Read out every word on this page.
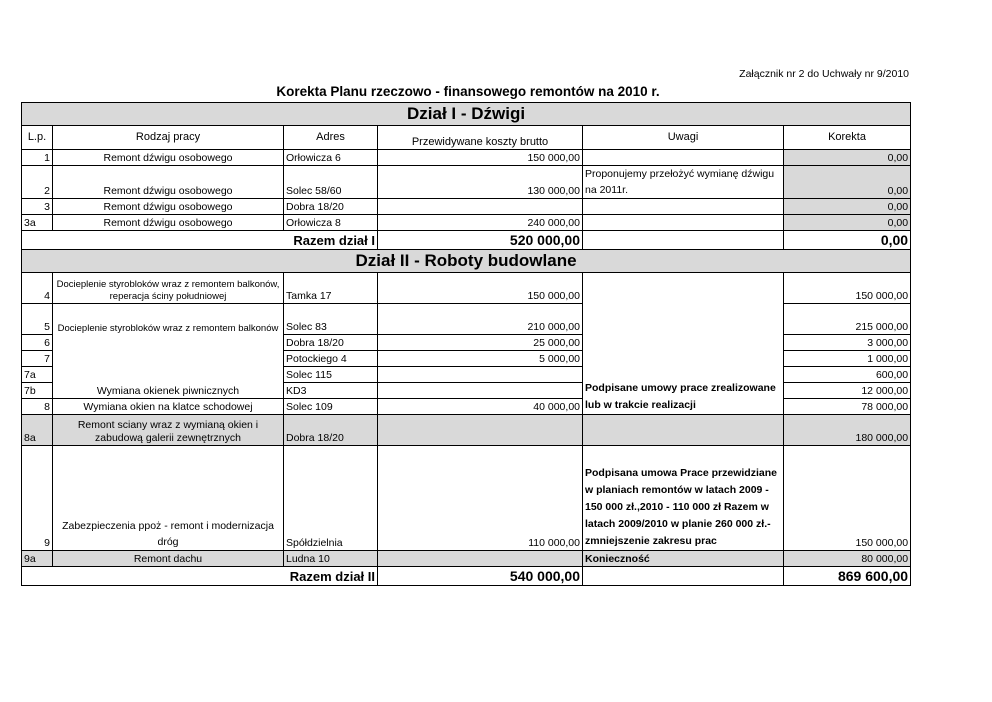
Załącznik nr 2 do Uchwały nr 9/2010
Korekta Planu rzeczowo - finansowego remontów na 2010 r.
Dział I - Dźwigi					
L.p.	Rodzaj pracy	Adres	Przewidywane koszty brutto	Uwagi	Korekta
1	Remont dźwigu osobowego	Orłowicza 6	150 000,00		0,00
2	Remont dźwigu osobowego	Solec 58/60	130 000,00	Proponujemy przełożyć wymianę dźwigu na 2011r.	0,00
3	Remont dźwigu osobowego	Dobra 18/20			0,00
3a	Remont dźwigu osobowego	Orłowicza 8	240 000,00		0,00
Razem dział I			520 000,00		0,00
Dział II - Roboty budowlane					
4	Docieplenie styrobloków wraz z remontem balkonów, reperacja ściny południowej	Tamka 17	150 000,00	Podpisane umowy prace zrealizowane lub w trakcie realizacji	150 000,00
5	Docieplenie styrobloków wraz z remontem balkonów	Solec 83	210 000,00		215 000,00
6		Dobra 18/20	25 000,00		3 000,00
7		Potockiego 4	5 000,00		1 000,00
7a		Solec 115			600,00
7b	Wymiana okienek piwnicznych	KD3			12 000,00
8	Wymiana okien na klatce schodowej	Solec 109	40 000,00		78 000,00
8a	Remont sciany wraz z wymianą okien i zabudową galerii zewnętrznych	Dobra 18/20			180 000,00
9	Zabezpieczenia ppoż - remont i modernizacja dróg	Spółdzielnia	110 000,00	Podpisana umowa Prace przewidziane w planiach remontów w latach 2009 - 150 000 zł.,2010 - 110 000 zł Razem w latach 2009/2010 w planie 260 000 zł.- zmniejszenie zakresu prac	150 000,00
9a	Remont dachu	Ludna 10		Konieczność	80 000,00
Razem dział II			540 000,00		869 600,00
